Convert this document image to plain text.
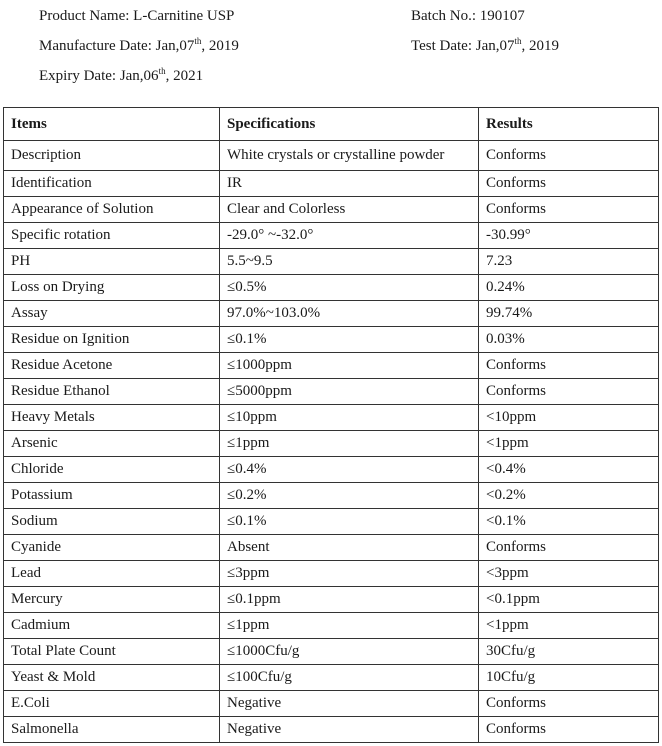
Product Name: L-Carnitine USP	Batch No.: 190107
Manufacture Date: Jan,07th, 2019	Test Date: Jan,07th, 2019
Expiry Date: Jan,06th, 2021
Items	Specifications	Results
Description	White crystals or crystalline powder	Conforms
Identification	IR	Conforms
Appearance of Solution	Clear and Colorless	Conforms
Specific rotation	-29.0° ~-32.0°	-30.99°
PH	5.5~9.5	7.23
Loss on Drying	≤0.5%	0.24%
Assay	97.0%~103.0%	99.74%
Residue on Ignition	≤0.1%	0.03%
Residue Acetone	≤1000ppm	Conforms
Residue Ethanol	≤5000ppm	Conforms
Heavy Metals	≤10ppm	<10ppm
Arsenic	≤1ppm	<1ppm
Chloride	≤0.4%	<0.4%
Potassium	≤0.2%	<0.2%
Sodium	≤0.1%	<0.1%
Cyanide	Absent	Conforms
Lead	≤3ppm	<3ppm
Mercury	≤0.1ppm	<0.1ppm
Cadmium	≤1ppm	<1ppm
Total Plate Count	≤1000Cfu/g	30Cfu/g
Yeast & Mold	≤100Cfu/g	10Cfu/g
E.Coli	Negative	Conforms
Salmonella	Negative	Conforms
